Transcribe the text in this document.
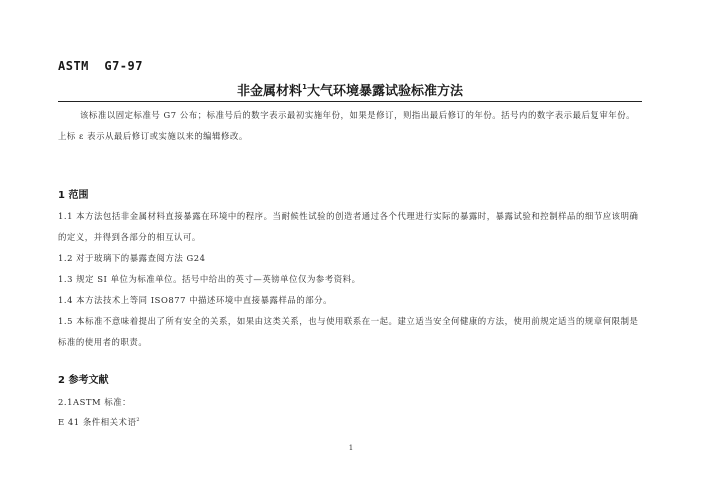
ASTM  G7-97
非金属材料$^1$大气环境暴露试验标准方法
该标准以固定标准号 G7 公布；标准号后的数字表示最初实施年份，如果是修订，则指出最后修订的年份。括号内的数字表示最后复审年份。上标 ε 表示从最后修订或实施以来的编辑修改。
1 范围
1.1 本方法包括非金属材料直接暴露在环境中的程序。当耐候性试验的创造者通过各个代理进行实际的暴露时，暴露试验和控制样品的细节应该明确的定义，并得到各部分的相互认可。
1.2 对于玻璃下的暴露查阅方法 G24
1.3 规定 SI 单位为标准单位。括号中给出的英寸—英镑单位仅为参考资料。
1.4 本方法技术上等同 ISO877 中描述环境中直接暴露样品的部分。
1.5 本标准不意味着提出了所有安全的关系，如果由这类关系，也与使用联系在一起。建立适当安全何健康的方法，使用前规定适当的规章何限制是标准的使用者的职责。
2 参考文献
2.1ASTM 标准：
E 41 条件相关术语$^2$
1
